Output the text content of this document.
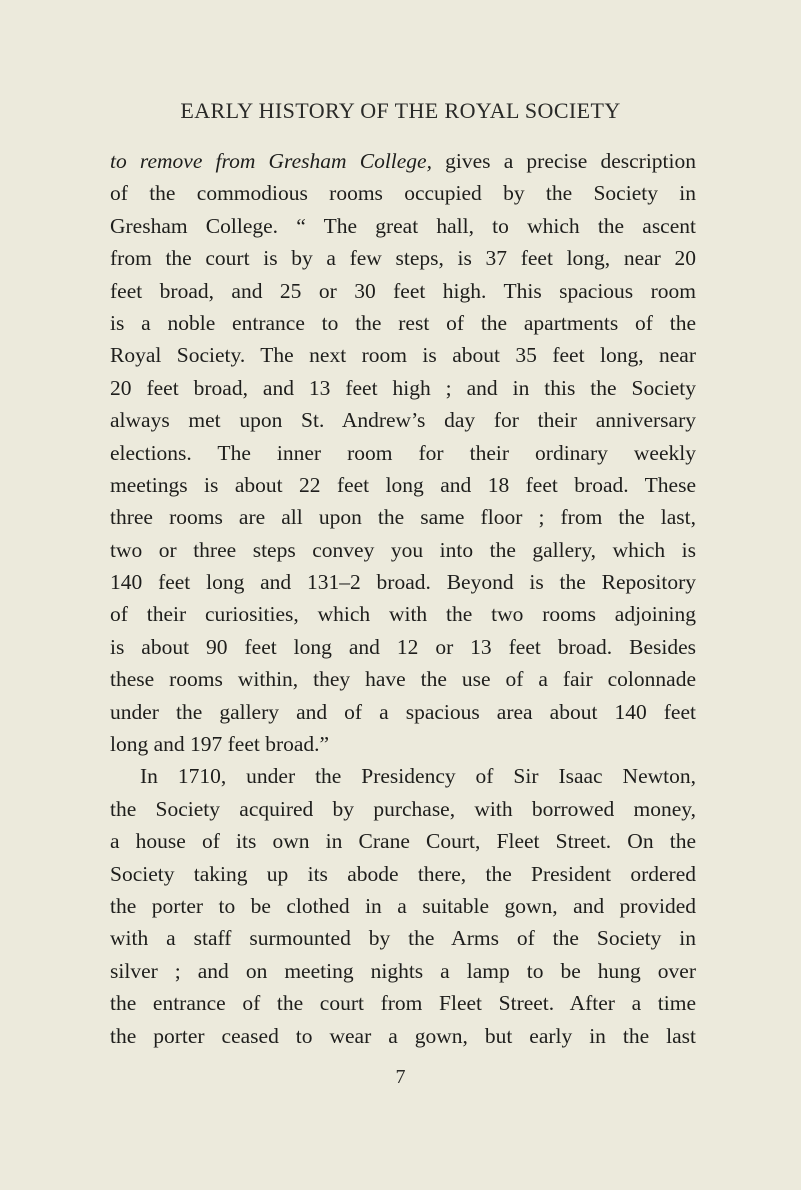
EARLY HISTORY OF THE ROYAL SOCIETY
to remove from Gresham College, gives a precise description
of the commodious rooms occupied by the Society in
Gresham College. “ The great hall, to which the ascent
from the court is by a few steps, is 37 feet long, near 20
feet broad, and 25 or 30 feet high. This spacious room
is a noble entrance to the rest of the apartments of the
Royal Society. The next room is about 35 feet long, near
20 feet broad, and 13 feet high ; and in this the Society
always met upon St. Andrew’s day for their anniversary
elections. The inner room for their ordinary weekly
meetings is about 22 feet long and 18 feet broad. These
three rooms are all upon the same floor ; from the last,
two or three steps convey you into the gallery, which is
140 feet long and 131–2 broad. Beyond is the Repository
of their curiosities, which with the two rooms adjoining
is about 90 feet long and 12 or 13 feet broad. Besides
these rooms within, they have the use of a fair colonnade
under the gallery and of a spacious area about 140 feet
long and 197 feet broad.”
In 1710, under the Presidency of Sir Isaac Newton,
the Society acquired by purchase, with borrowed money,
a house of its own in Crane Court, Fleet Street. On the
Society taking up its abode there, the President ordered
the porter to be clothed in a suitable gown, and provided
with a staff surmounted by the Arms of the Society in
silver ; and on meeting nights a lamp to be hung over
the entrance of the court from Fleet Street. After a time
the porter ceased to wear a gown, but early in the last
7
